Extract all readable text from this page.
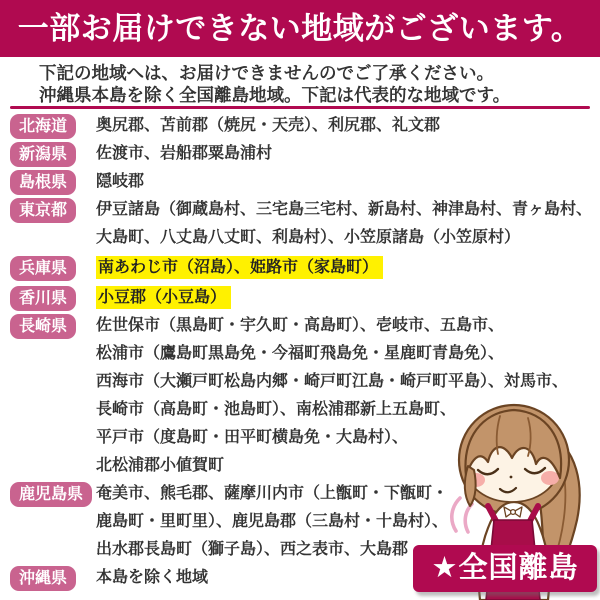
一部お届けできない地域がございます。
下記の地域へは、お届けできませんのでご了承ください。
沖縄県本島を除く全国離島地域。下記は代表的な地域です。
北海道	奥尻郡、苫前郡（焼尻・天売）、利尻郡、礼文郡
新潟県	佐渡市、岩船郡粟島浦村
島根県	隠岐郡
東京都	伊豆諸島（御蔵島村、三宅島三宅村、新島村、神津島村、青ヶ島村、
大島町、八丈島八丈町、利島村）、小笠原諸島（小笠原村）
兵庫県	南あわじ市（沼島）、姫路市（家島町）
香川県	小豆郡（小豆島）
長崎県	佐世保市（黒島町・宇久町・高島町）、壱岐市、五島市、
松浦市（鷹島町黒島免・今福町飛島免・星鹿町青島免）、
西海市（大瀬戸町松島内郷・崎戸町江島・崎戸町平島）、対馬市、
長崎市（高島町・池島町）、南松浦郡新上五島町、
平戸市（度島町・田平町横島免・大島村）、
北松浦郡小値賀町
鹿児島県 奄美市、熊毛郡、薩摩川内市（上甑町・下甑町・
鹿島町・里町里）、鹿児島郡（三島村・十島村）、
出水郡長島町（獅子島）、西之表市、大島郡
沖縄県	本島を除く地域	★全国離島
